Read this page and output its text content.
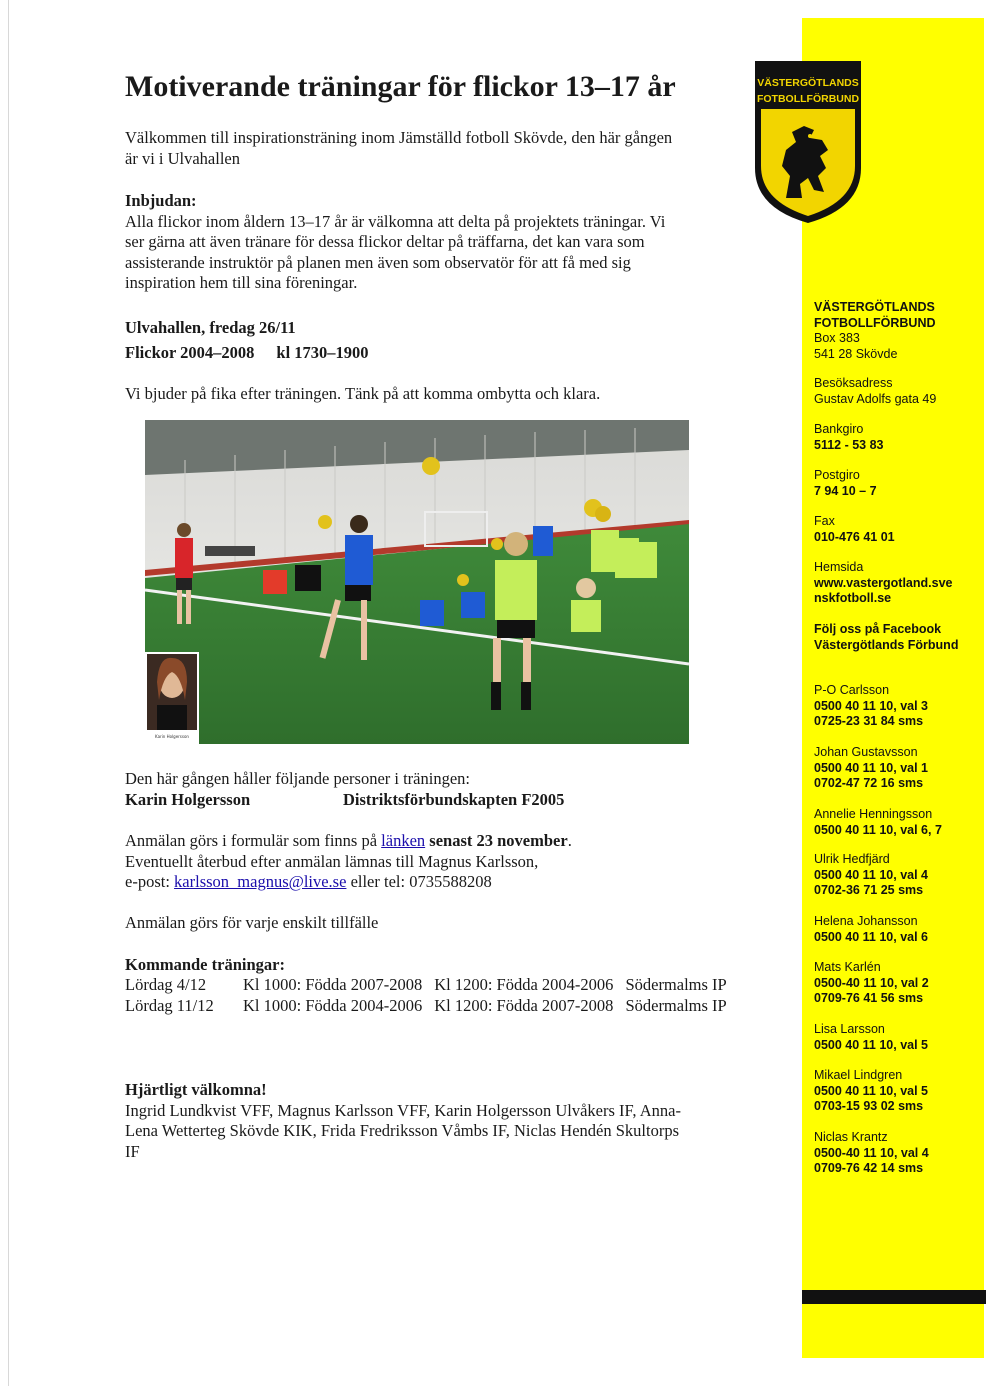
Motiverande träningar för flickor 13–17 år
Välkommen till inspirationsträning inom Jämställd fotboll Skövde, den här gången
är vi i Ulvahallen
Inbjudan:
Alla flickor inom åldern 13–17 år är välkomna att delta på projektets träningar. Vi
ser gärna att även tränare för dessa flickor deltar på träffarna, det kan vara som
assisterande instruktör på planen men även som observatör för att få med sig
inspiration hem till sina föreningar.
Ulvahallen, fredag 26/11
Flickor 2004–2008 kl 1730–1900
Vi bjuder på fika efter träningen. Tänk på att komma ombytta och klara.
Karin Holgersson
Den här gången håller följande personer i träningen:
Karin Holgersson	Distriktsförbundskapten F2005
Anmälan görs i formulär som finns på länken senast 23 november.
Eventuellt återbud efter anmälan lämnas till Magnus Karlsson,
e-post: karlsson_magnus@live.se eller tel: 0735588208
Anmälan görs för varje enskilt tillfälle
Kommande träningar:
Lördag 4/12	Kl 1000: Födda 2007-2008	Kl 1200: Födda 2004-2006	Södermalms IP
Lördag 11/12	Kl 1000: Födda 2004-2006	Kl 1200: Födda 2007-2008	Södermalms IP
Hjärtligt välkomna!
Ingrid Lundkvist VFF, Magnus Karlsson VFF, Karin Holgersson Ulvåkers IF, Anna-
Lena Wetterteg Skövde KIK, Frida Fredriksson Våmbs IF, Niclas Hendén Skultorps
IF
VÄSTERGÖTLANDS
FOTBOLLFÖRBUND
VÄSTERGÖTLANDS
FOTBOLLFÖRBUND
Box 383
541 28 Skövde
Besöksadress
Gustav Adolfs gata 49
Bankgiro
5112 - 53 83
Postgiro
7 94 10 – 7
Fax
010-476 41 01
Hemsida
www.vastergotland.sve
nskfotboll.se
Följ oss på Facebook
Västergötlands Förbund
P-O Carlsson
0500 40 11 10, val 3
0725-23 31 84 sms
Johan Gustavsson
0500 40 11 10, val 1
0702-47 72 16 sms
Annelie Henningsson
0500 40 11 10, val 6, 7
Ulrik Hedfjärd
0500 40 11 10, val 4
0702-36 71 25 sms
Helena Johansson
0500 40 11 10, val 6
Mats Karlén
0500-40 11 10, val 2
0709-76 41 56 sms
Lisa Larsson
0500 40 11 10, val 5
Mikael Lindgren
0500 40 11 10, val 5
0703-15 93 02 sms
Niclas Krantz
0500-40 11 10, val 4
0709-76 42 14 sms
